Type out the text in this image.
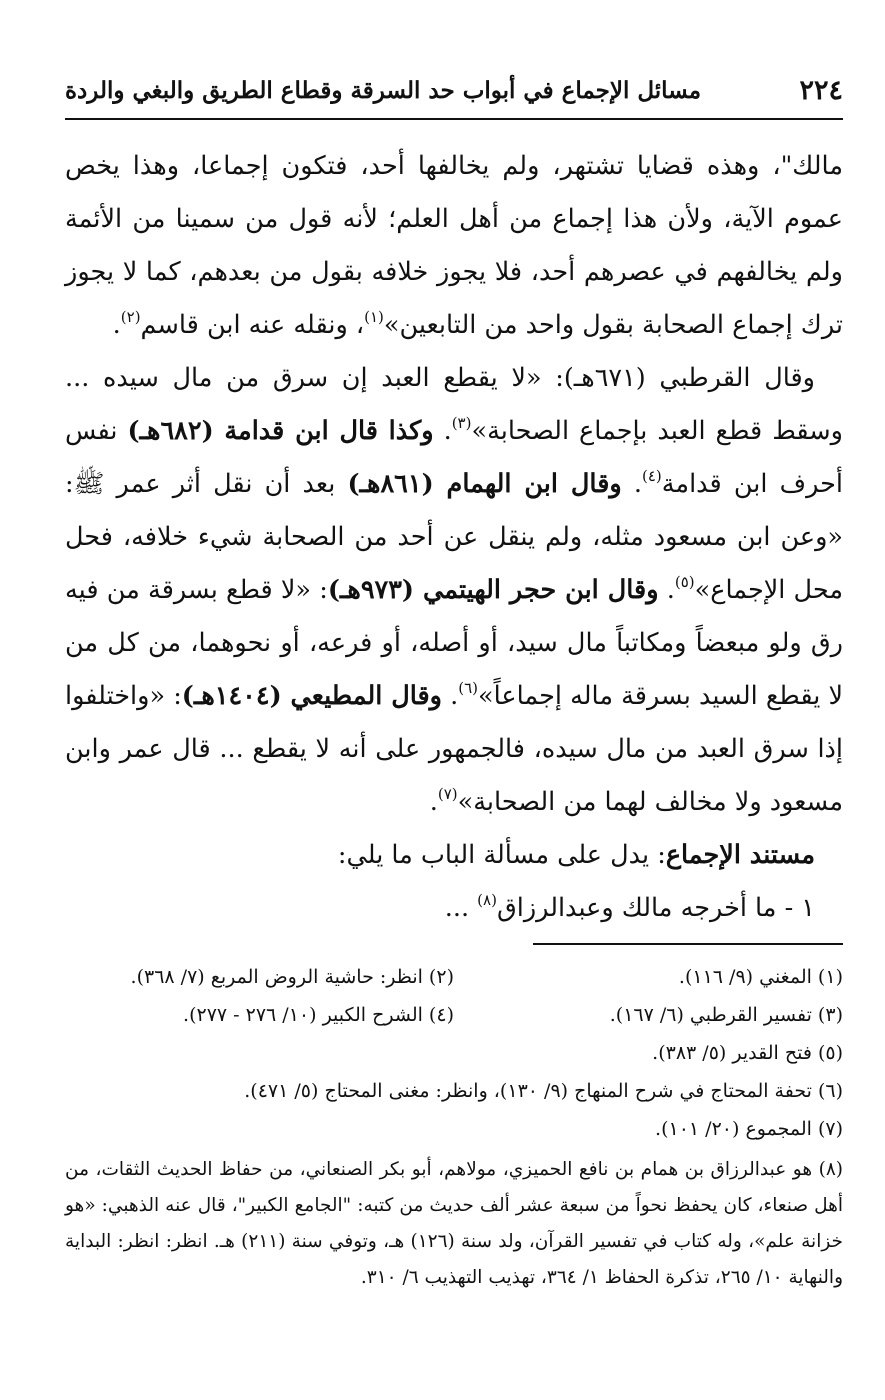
٢٢٤
مسائل الإجماع في أبواب حد السرقة وقطاع الطريق والبغي والردة

مالك"، وهذه قضايا تشتهر، ولم يخالفها أحد، فتكون إجماعا، وهذا يخص عموم الآية، ولأن هذا إجماع من أهل العلم؛ لأنه قول من سمينا من الأئمة ولم يخالفهم في عصرهم أحد، فلا يجوز خلافه بقول من بعدهم، كما لا يجوز ترك إجماع الصحابة بقول واحد من التابعين»$^{(١)}$، ونقله عنه ابن قاسم$^{(٢)}$.

وقال القرطبي (٦٧١هـ): «لا يقطع العبد إن سرق من مال سيده ... وسقط قطع العبد بإجماع الصحابة»$^{(٣)}$. وكذا قال ابن قدامة (٦٨٢هـ) نفس أحرف ابن قدامة$^{(٤)}$. وقال ابن الهمام (٨٦١هـ) بعد أن نقل أثر عمر ﷺ: «وعن ابن مسعود مثله، ولم ينقل عن أحد من الصحابة شيء خلافه، فحل محل الإجماع»$^{(٥)}$. وقال ابن حجر الهيتمي (٩٧٣هـ): «لا قطع بسرقة من فيه رق ولو مبعضاً ومكاتباً مال سيد، أو أصله، أو فرعه، أو نحوهما، من كل من لا يقطع السيد بسرقة ماله إجماعاً»$^{(٦)}$. وقال المطيعي (١٤٠٤هـ): «واختلفوا إذا سرق العبد من مال سيده، فالجمهور على أنه لا يقطع ... قال عمر وابن مسعود ولا مخالف لهما من الصحابة»$^{(٧)}$.

مستند الإجماع: يدل على مسألة الباب ما يلي:

١ - ما أخرجه مالك وعبدالرزاق$^{(٨)}$ ...

(١) المغني (٩/ ١١٦).
(٢) انظر: حاشية الروض المربع (٧/ ٣٦٨).
(٣) تفسير القرطبي (٦/ ١٦٧).
(٤) الشرح الكبير (١٠/ ٢٧٦ - ٢٧٧).
(٥) فتح القدير (٥/ ٣٨٣).
(٦) تحفة المحتاج في شرح المنهاج (٩/ ١٣٠)، وانظر: مغنى المحتاج (٥/ ٤٧١).
(٧) المجموع (٢٠/ ١٠١).
(٨) هو عبدالرزاق بن همام بن نافع الحميزي، مولاهم، أبو بكر الصنعاني، من حفاظ الحديث الثقات، من أهل صنعاء، كان يحفظ نحواً من سبعة عشر ألف حديث من كتبه: "الجامع الكبير"، قال عنه الذهبي: «هو خزانة علم»، وله كتاب في تفسير القرآن، ولد سنة (١٢٦) هـ، وتوفي سنة (٢١١) هـ. انظر: انظر: البداية والنهاية ١٠/ ٢٦٥، تذكرة الحفاظ ١/ ٣٦٤، تهذيب التهذيب ٦/ ٣١٠.
